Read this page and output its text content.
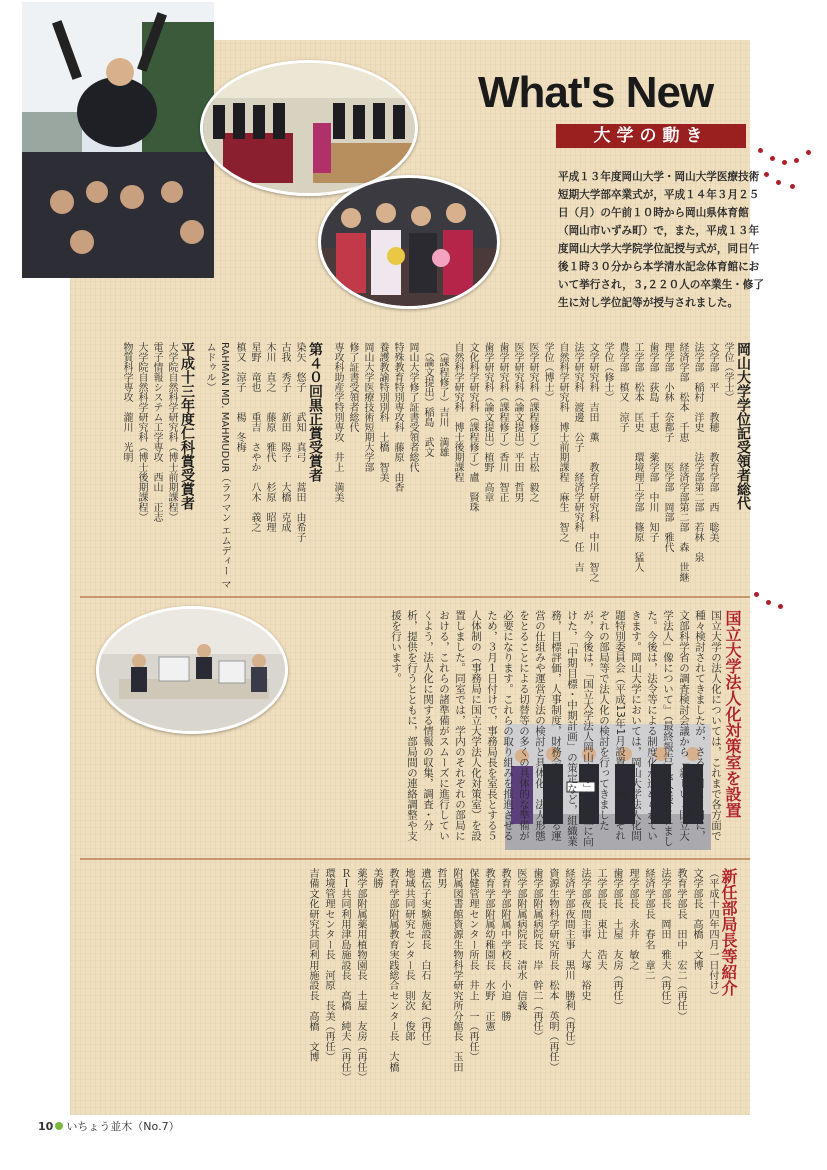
What's New
大学の動き

平成１３年度岡山大学・岡山大学医療技術短期大学部卒業式が，平成１４年３月２５日（月）の午前１０時から岡山県体育館（岡山市いずみ町）で，また，平成１３年度岡山大学大学院学位記授与式が，同日午後１時３０分から本学清水記念体育館において挙行され，３,２２０人の卒業生・修了生に対し学位記等が授与されました。

岡山大学学位記受領者総代

学位（学士）

文学部　平　　教穂　　教育学部　西　聡美

法学部　稲村　洋史　　法学部第二部　若林　泉

経済学部　松本　千恵　　経済学部第二部　森　世継

理学部　小林　奈都子　　医学部　岡部　雅代

歯学部　荻島　千恵　　薬学部　中川　知子

工学部　松本　匡史　　環境理工学部　篠原　猛人

農学部　槙又　涼子

学位（修士）

文学研究科　吉田　薫　　教育学研究科　中川　智之

法学研究科　渡邊　公子　　経済学研究科　任　吉

自然科学研究科　博士前期課程　麻生　智之

学位（博士）

医学研究科（課程修了）古松　毅之

医学研究科（論文提出）平田　哲男

歯学研究科（課程修了）香川　智正

歯学研究科（論文提出）植野　高章

文化科学研究科（課程修了）盧　賢珠

自然科学研究科　博士後期課程

　（課程修了）吉川　満雄

　（論文提出）稲島　武文

岡山大学修了証書受領者総代

特殊教育特別専攻科　藤原　由香

養護教諭特別別科　土橋　智美

岡山大学医療技術短期大学部

修了証書受領者総代

専攻科助産学特別専攻　井上　満美

第４０回黒正賞受賞者

染矢　悠子　　武知　真弓　　蒿田　由希子

古我　秀子　　新田　陽子　　大橋　克成

木川　直之　　藤原　雅代　　杉原　昭理

星野　竜也　　重吉　さやか　八木　義之

槙又　涼子　　楊　冬梅

RAHMAN MD. MAHMUDUR（ラフマン エムディー マムドゥル）

平成十三年度仁科賞受賞者

大学院自然科学研究科（博士前期課程）

電子情報システム工学専攻　西山　正志

大学院自然科学研究科（博士後期課程）

物質科学専攻　瀧川　光明

国立大学法人化対策室を設置

国立大学の法人化については，これまで各方面で種々検討されてきましたが，さる３月２６日に，文部科学省の調査検討会議から『新しい「国立大学法人」像について』（最終報告）が公表されました。今後は，法令等による制度化が進められていきます。岡山大学においては，岡山大学法人化問題特別委員会（平成13年1月設置）を軸に，それぞれの部局等で法人化の検討を行ってきましたが，今後は，「国立大学法人岡山大学」の設立に向けた，「中期目標・中期計画」の策定など，組織業務，目標評価，人事制度，財務会計等に関する運営の仕組みや運営方法の検討と具体化，法人形態をとることによる切替等の多くの具体的な準備が必要になります。これらの取り組みを推進させるため，３月１日付けで，事務局長を室長とする５人体制の（事務局に国立大学法人化対策室）を設置しました。同室では，学内のそれぞれの部局における，これらの諸準備がスムーズに進行していくよう，法人化に関する情報の収集，調査・分析，提供を行うとともに，部局間の連絡調整や支援を行います。

新任部局長等紹介

（平成十四年四月一日付け）

文学部長　高橋　文博

教育学部長　田中　宏二（再任）

法学部長　岡田　雅夫（再任）

経済学部長　春名　章二

理学部長　永井　敏之

歯学部長　土屋　友房（再任）

工学部長　東辻　浩夫

法学部夜間主事　大塚　裕史

経済学部夜間主事　黒川　勝利（再任）

資源生物科学研究所長　松本　英明（再任）

歯学部附属病院長　岸　幹二（再任）

医学部附属病院長　清水　信義

教育学部附属中学校長　小迫　勝

教育学部附属幼稚園長　水野　正憲

保健管理センター所長　井上　一（再任）

附属図書館資源生物科学研究所分館長　玉田　哲男

遺伝子実験施設長　白石　友紀（再任）

地域共同研究センター長　則次　俊郎

教育学部附属教育実践総合センター長　大橋　美勝

薬学部附属薬用植物園長　土屋　友房（再任）

ＲＩ共同利用津島施設長　高橋　純夫（再任）

環境管理センター長　河原　長美（再任）

吉備文化研究共同利用施設長　高橋　文博

10 いちょう並木（No.7）
